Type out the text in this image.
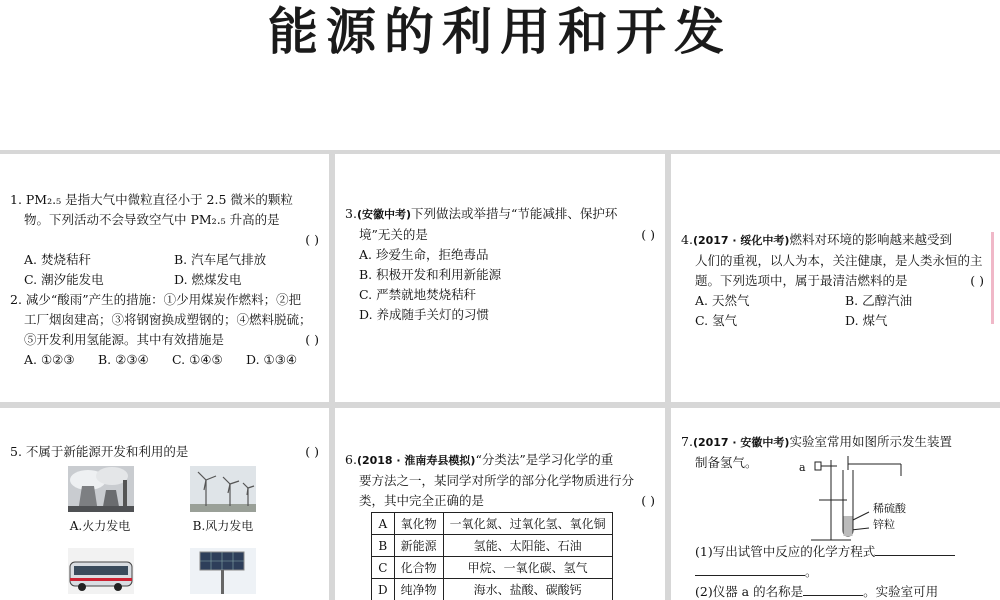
能源的利用和开发
1. PM₂.₅ 是指大气中微粒直径小于 2.5 微米的颗粒
物。下列活动不会导致空气中 PM₂.₅ 升高的是
( )
A. 焚烧秸秆	B. 汽车尾气排放
C. 潮汐能发电	D. 燃煤发电
2. 减少“酸雨”产生的措施：①少用煤炭作燃料；②把
工厂烟囱建高；③将钢窗换成塑钢的；④燃料脱硫；
⑤开发利用氢能源。其中有效措施是	( )
A. ①②③ B. ②③④ C. ①④⑤ D. ①③④
3.(安徽中考)下列做法或举措与“节能减排、保护环
境”无关的是	( )
A. 珍爱生命，拒绝毒品
B. 积极开发和利用新能源
C. 严禁就地焚烧秸秆
D. 养成随手关灯的习惯
4.(2017 · 绥化中考)燃料对环境的影响越来越受到
人们的重视，以人为本，关注健康，是人类永恒的主
题。下列选项中，属于最清洁燃料的是	( )
A. 天然气	B. 乙醇汽油
C. 氢气	D. 煤气
5. 不属于新能源开发和利用的是	( )
A.火力发电	B.风力发电
6.(2018 · 淮南寿县模拟)“分类法”是学习化学的重
要方法之一，某同学对所学的部分化学物质进行分
类，其中完全正确的是	( )
A	氧化物	一氧化氮、过氧化氢、氧化铜
B	新能源	氢能、太阳能、石油
C	化合物	甲烷、一氧化碳、氢气
D	纯净物	海水、盐酸、碳酸钙
7.(2017 · 安徽中考)实验室常用如图所示发生装置
制备氢气。	a
稀硫酸
锌粒
(1)写出试管中反应的化学方程式
。
(2)仪器 a 的名称是	。实验室可用
